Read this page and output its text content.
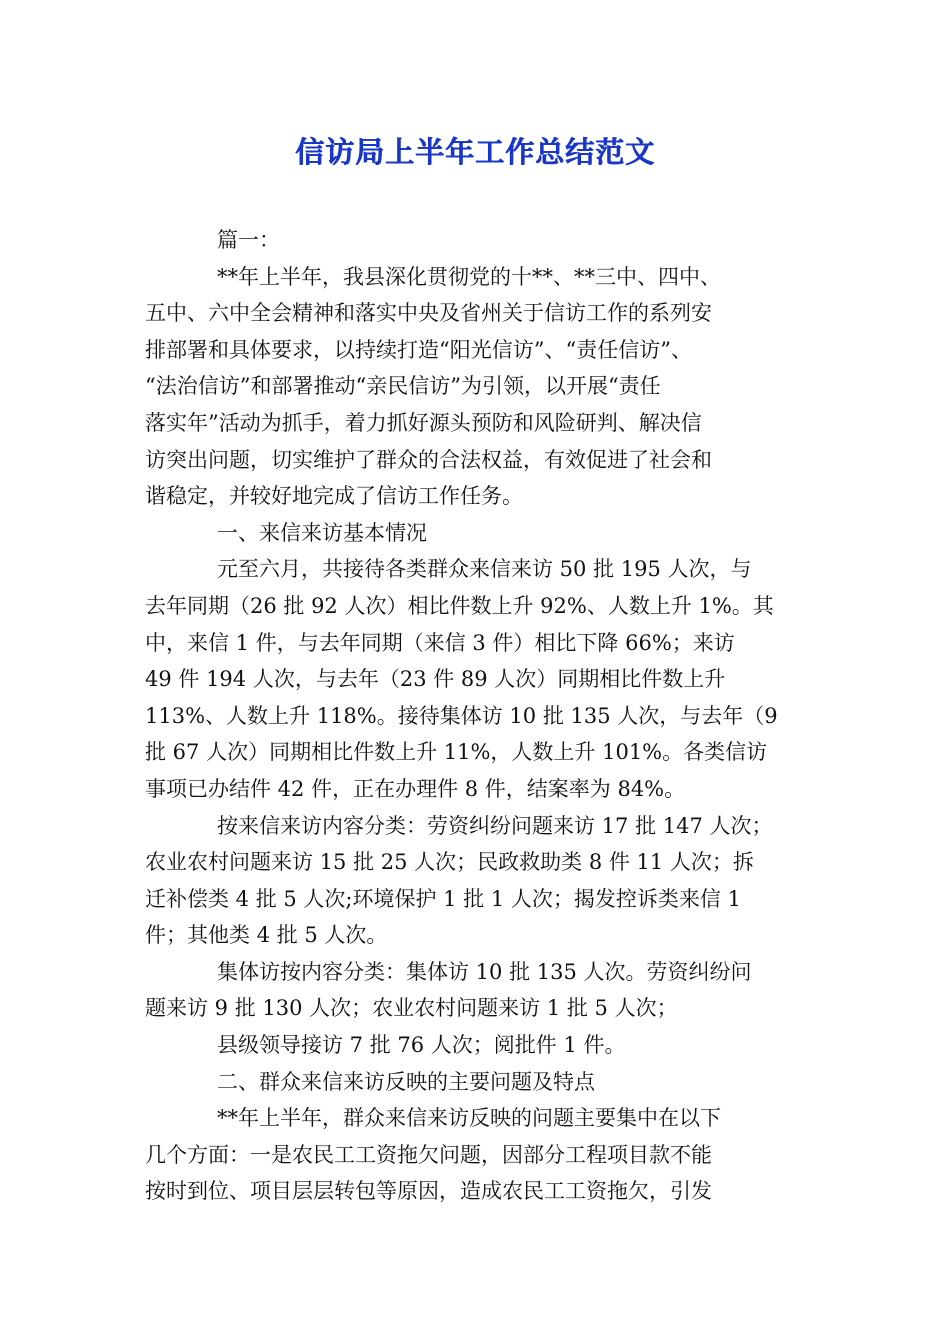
信访局上半年工作总结范文
篇一：
**年上半年，我县深化贯彻党的十**、**三中、四中、
五中、六中全会精神和落实中央及省州关于信访工作的系列安
排部署和具体要求，以持续打造“阳光信访”、“责任信访”、
“法治信访”和部署推动“亲民信访”为引领，以开展“责任
落实年”活动为抓手，着力抓好源头预防和风险研判、解决信
访突出问题，切实维护了群众的合法权益，有效促进了社会和
谐稳定，并较好地完成了信访工作任务。
一、来信来访基本情况
元至六月，共接待各类群众来信来访 50 批 195 人次，与
去年同期（26 批 92 人次）相比件数上升 92%、人数上升 1%。其
中，来信 1 件，与去年同期（来信 3 件）相比下降 66%；来访
49 件 194 人次，与去年（23 件 89 人次）同期相比件数上升
113%、人数上升 118%。接待集体访 10 批 135 人次，与去年（9
批 67 人次）同期相比件数上升 11%，人数上升 101%。各类信访
事项已办结件 42 件，正在办理件 8 件，结案率为 84%。
按来信来访内容分类：劳资纠纷问题来访 17 批 147 人次；
农业农村问题来访 15 批 25 人次；民政救助类 8 件 11 人次；拆
迁补偿类 4 批 5 人次;环境保护 1 批 1 人次；揭发控诉类来信 1
件；其他类 4 批 5 人次。
集体访按内容分类：集体访 10 批 135 人次。劳资纠纷问
题来访 9 批 130 人次；农业农村问题来访 1 批 5 人次；
县级领导接访 7 批 76 人次；阅批件 1 件。
二、群众来信来访反映的主要问题及特点
**年上半年，群众来信来访反映的问题主要集中在以下
几个方面：一是农民工工资拖欠问题，因部分工程项目款不能
按时到位、项目层层转包等原因，造成农民工工资拖欠，引发
